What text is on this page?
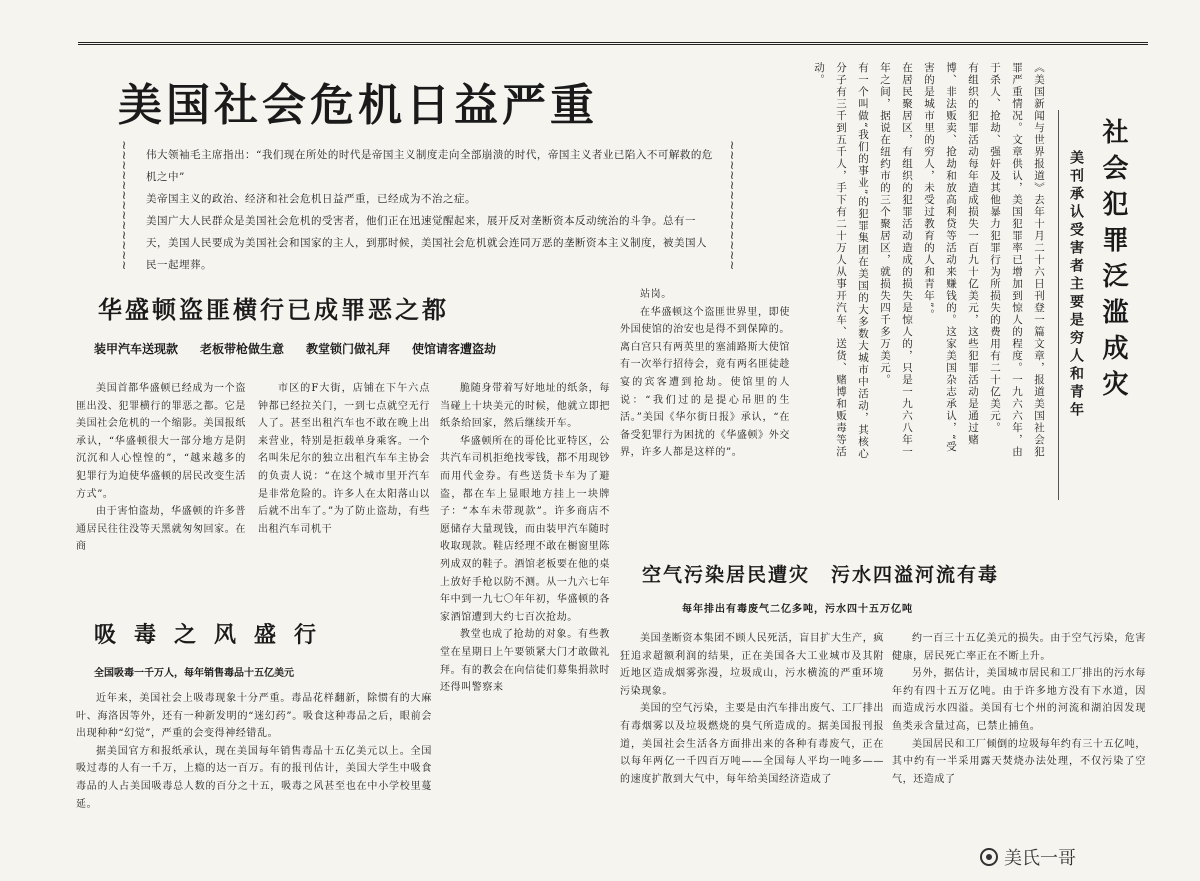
美国社会危机日益严重
≀
≀
≀
≀
≀
≀
≀
≀
≀
≀
≀
≀
≀

伟大领袖毛主席指出：“我们现在所处的时代是帝国主义制度走向全部崩溃的时代，帝国主义者业已陷入不可解救的危机之中”

美帝国主义的政治、经济和社会危机日益严重，已经成为不治之症。

美国广大人民群众是美国社会危机的受害者，他们正在迅速觉醒起来，展开反对垄断资本反动统治的斗争。总有一天，美国人民要成为美国社会和国家的主人，到那时候，美国社会危机就会连同万恶的垄断资本主义制度，被美国人民一起埋葬。

≀
≀
≀
≀
≀
≀
≀
≀
≀
≀
≀
≀
≀
华盛顿盗匪横行已成罪恶之都
装甲汽车送现款 老板带枪做生意 教堂锁门做礼拜 使馆请客遭盗劫

美国首都华盛顿已经成为一个盗匪出没、犯罪横行的罪恶之都。它是美国社会危机的一个缩影。美国报纸承认，“华盛顿很大一部分地方是阴沉沉和人心惶惶的”，“越来越多的犯罪行为迫使华盛顿的居民改变生活方式”。

由于害怕盗劫，华盛顿的许多普通居民往往没等天黑就匆匆回家。在商

市区的F大街，店铺在下午六点钟都已经拉关门，一到七点就空无行人了。甚至出租汽车也不敢在晚上出来营业，特别是拒载单身乘客。一个名叫朱尼尔的独立出租汽车车主协会的负责人说：“在这个城市里开汽车是非常危险的。许多人在太阳落山以后就不出车了。”为了防止盗劫，有些出租汽车司机干

脆随身带着写好地址的纸条，每当碰上十块美元的时候，他就立即把纸条给回家，然后继续开车。

华盛顿所在的哥伦比亚特区，公共汽车司机拒绝找零钱，都不用现钞而用代金券。有些送货卡车为了避盗，都在车上显眼地方挂上一块牌子：“本车未带现款”。许多商店不愿储存大量现钱，而由装甲汽车随时收取现款。鞋店经理不敢在橱窗里陈列成双的鞋子。酒馆老板要在他的桌上放好手枪以防不测。从一九六七年年中到一九七〇年年初，华盛顿的各家酒馆遭到大约七百次抢劫。

教堂也成了抢劫的对象。有些教堂在星期日上午要锁紧大门才敢做礼拜。有的教会在向信徒们募集捐款时还得叫警察来

站岗。

在华盛顿这个盗匪世界里，即使外国使馆的治安也是得不到保障的。离白宫只有两英里的塞浦路斯大使馆有一次举行招待会，竟有两名匪徒趁宴的宾客遭到抢劫。使馆里的人说：“我们过的是提心吊胆的生活。”美国《华尔街日报》承认，“在备受犯罪行为困扰的《华盛顿》外交界，许多人都是这样的”。

吸毒之风盛行
全国吸毒一千万人，每年销售毒品十五亿美元

近年来，美国社会上吸毒现象十分严重。毒品花样翻新，除惯有的大麻叶、海洛因等外，还有一种新发明的“迷幻药”。吸食这种毒品之后，眼前会出现种种“幻觉”，严重的会变得神经错乱。

据美国官方和报纸承认，现在美国每年销售毒品十五亿美元以上。全国吸过毒的人有一千万，上瘾的达一百万。有的报刊估计，美国大学生中吸食毒品的人占美国吸毒总人数的百分之十五，吸毒之风甚至也在中小学校里蔓延。

社会犯罪泛滥成灾
美刊承认受害者主要是穷人和青年

《美国新闻与世界报道》去年十月二十六日刊登一篇文章，报道美国社会犯罪严重情况。文章供认，美国犯罪率已增加到惊人的程度。一九六六年，由于杀人、抢劫、强奸及其他暴力犯罪行为所损失的费用有二十亿美元。

有组织的犯罪活动每年造成损失一百九十亿美元，这些犯罪活动是通过赌博、非法贩卖、抢劫和放高利贷等活动来赚钱的。这家美国杂志承认，“受害的是城市里的穷人，未受过教育的人和青年”。

在居民聚居区，有组织的犯罪活动造成的损失是惊人的，只是一九六八年一年之间，据说在纽约市的三个聚居区，就损失四千多万美元。

有一个叫做“我们的事业”的犯罪集团在美国的大多数大城市中活动，其核心分子有三千到五千人，手下有二十万人从事开汽车、送货、赌博和贩毒等活动。

空气污染居民遭灾　污水四溢河流有毒
每年排出有毒废气二亿多吨，污水四十五万亿吨

美国垄断资本集团不顾人民死活，盲目扩大生产，疯狂追求超额利润的结果，正在美国各大工业城市及其附近地区造成烟雾弥漫，垃圾成山，污水横流的严重环境污染现象。

美国的空气污染，主要是由汽车排出废气、工厂排出有毒烟雾以及垃圾燃烧的臭气所造成的。据美国报刊报道，美国社会生活各方面排出来的各种有毒废气，正在以每年两亿一千四百万吨——全国每人平均一吨多——的速度扩散到大气中，每年给美国经济造成了

约一百三十五亿美元的损失。由于空气污染，危害健康，居民死亡率正在不断上升。

另外，据估计，美国城市居民和工厂排出的污水每年约有四十五万亿吨。由于许多地方没有下水道，因而造成污水四溢。美国有七个州的河流和湖泊因发现鱼类汞含量过高，已禁止捕鱼。

美国居民和工厂倾倒的垃圾每年约有三十五亿吨，其中约有一半采用露天焚烧办法处理，不仅污染了空气，还造成了

美氏一哥
